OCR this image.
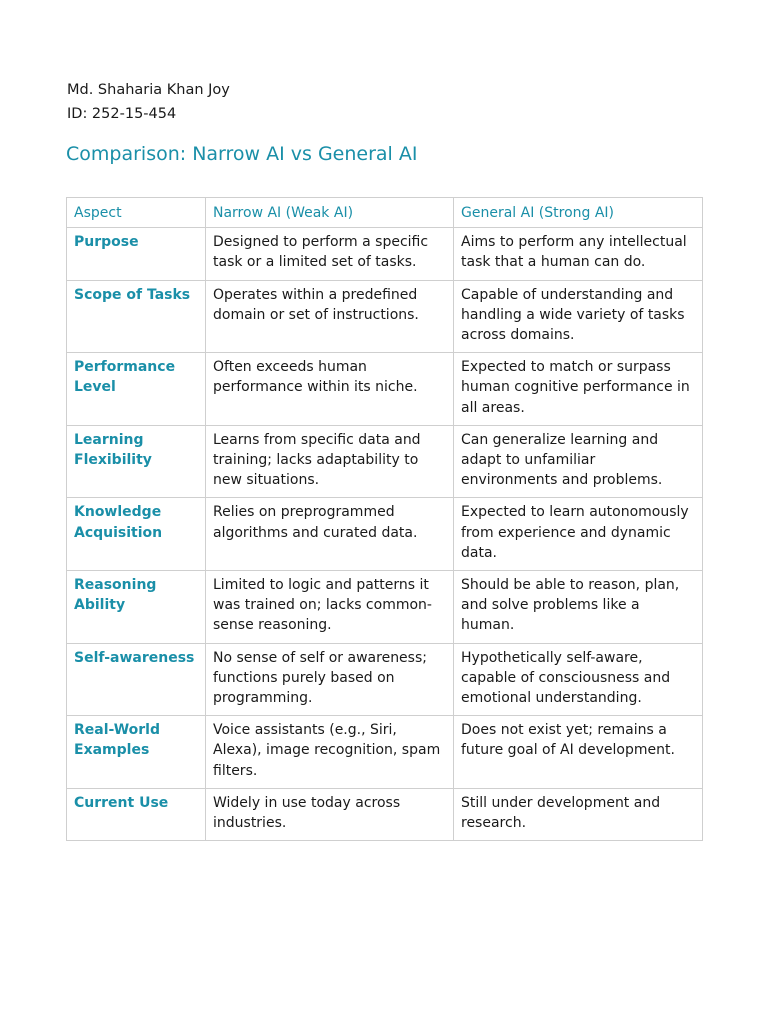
Md. Shaharia Khan Joy
ID: 252-15-454
Comparison: Narrow AI vs General AI
Aspect	Narrow AI (Weak AI)	General AI (Strong AI)
Purpose	Designed to perform a specific task or a limited set of tasks.	Aims to perform any intellectual task that a human can do.
Scope of Tasks	Operates within a predefined domain or set of instructions.	Capable of understanding and handling a wide variety of tasks across domains.
Performance Level	Often exceeds human performance within its niche.	Expected to match or surpass human cognitive performance in all areas.
Learning Flexibility	Learns from specific data and training; lacks adaptability to new situations.	Can generalize learning and adapt to unfamiliar environments and problems.
Knowledge Acquisition	Relies on preprogrammed algorithms and curated data.	Expected to learn autonomously from experience and dynamic data.
Reasoning Ability	Limited to logic and patterns it was trained on; lacks common-sense reasoning.	Should be able to reason, plan, and solve problems like a human.
Self-awareness	No sense of self or awareness; functions purely based on programming.	Hypothetically self-aware, capable of consciousness and emotional understanding.
Real-World Examples	Voice assistants (e.g., Siri, Alexa), image recognition, spam filters.	Does not exist yet; remains a future goal of AI development.
Current Use	Widely in use today across industries.	Still under development and research.
